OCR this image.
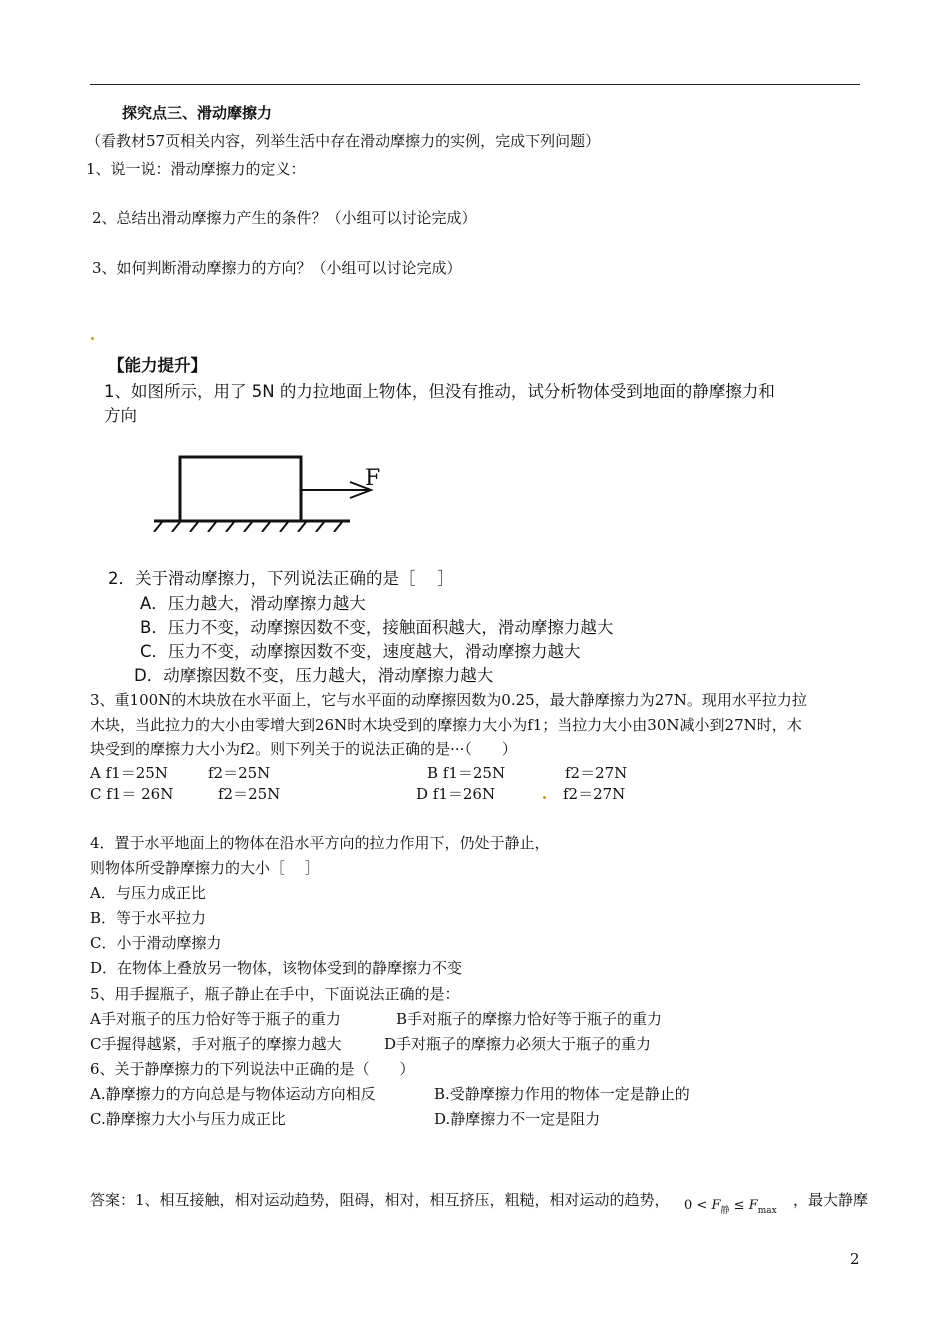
探究点三、滑动摩擦力
（看教材57页相关内容，列举生活中存在滑动摩擦力的实例，完成下列问题）
1、说一说：滑动摩擦力的定义：
2、总结出滑动摩擦力产生的条件？（小组可以讨论完成）
3、如何判断滑动摩擦力的方向？（小组可以讨论完成）
【能力提升】
1、如图所示，用了 5N 的力拉地面上物体，但没有推动，试分析物体受到地面的静摩擦力和
方向
F
2．关于滑动摩擦力，下列说法正确的是［　 ］
A．压力越大，滑动摩擦力越大
B．压力不变，动摩擦因数不变，接触面积越大，滑动摩擦力越大
C．压力不变，动摩擦因数不变，速度越大，滑动摩擦力越大
D．动摩擦因数不变，压力越大，滑动摩擦力越大
3、重100N的木块放在水平面上，它与水平面的动摩擦因数为0.25，最大静摩擦力为27N。现用水平拉力拉
木块，当此拉力的大小由零增大到26N时木块受到的摩擦力大小为f1；当拉力大小由30N减小到27N时，木
块受到的摩擦力大小为f2。则下列关于的说法正确的是···（　　）
A f1＝25N	f2＝25N	B f1＝25N	f2＝27N
C f1＝ 26N	f2＝25N	D f1＝26N	f2＝27N
4．置于水平地面上的物体在沿水平方向的拉力作用下，仍处于静止，
则物体所受静摩擦力的大小［　 ］
A．与压力成正比
B．等于水平拉力
C．小于滑动摩擦力
D．在物体上叠放另一物体，该物体受到的静摩擦力不变
5、用手握瓶子，瓶子静止在手中，下面说法正确的是：
A手对瓶子的压力恰好等于瓶子的重力	B手对瓶子的摩擦力恰好等于瓶子的重力
C手握得越紧，手对瓶子的摩擦力越大	D手对瓶子的摩擦力必须大于瓶子的重力
6、关于静摩擦力的下列说法中正确的是（　　）
A.静摩擦力的方向总是与物体运动方向相反	B.受静摩擦力作用的物体一定是静止的
C.静摩擦力大小与压力成正比	D.静摩擦力不一定是阻力
答案：1、相互接触，相对运动趋势，阻碍，相对，相互挤压，粗糙，相对运动的趋势， $0 < F_静 \le F_{max}$
，最大静摩
2
